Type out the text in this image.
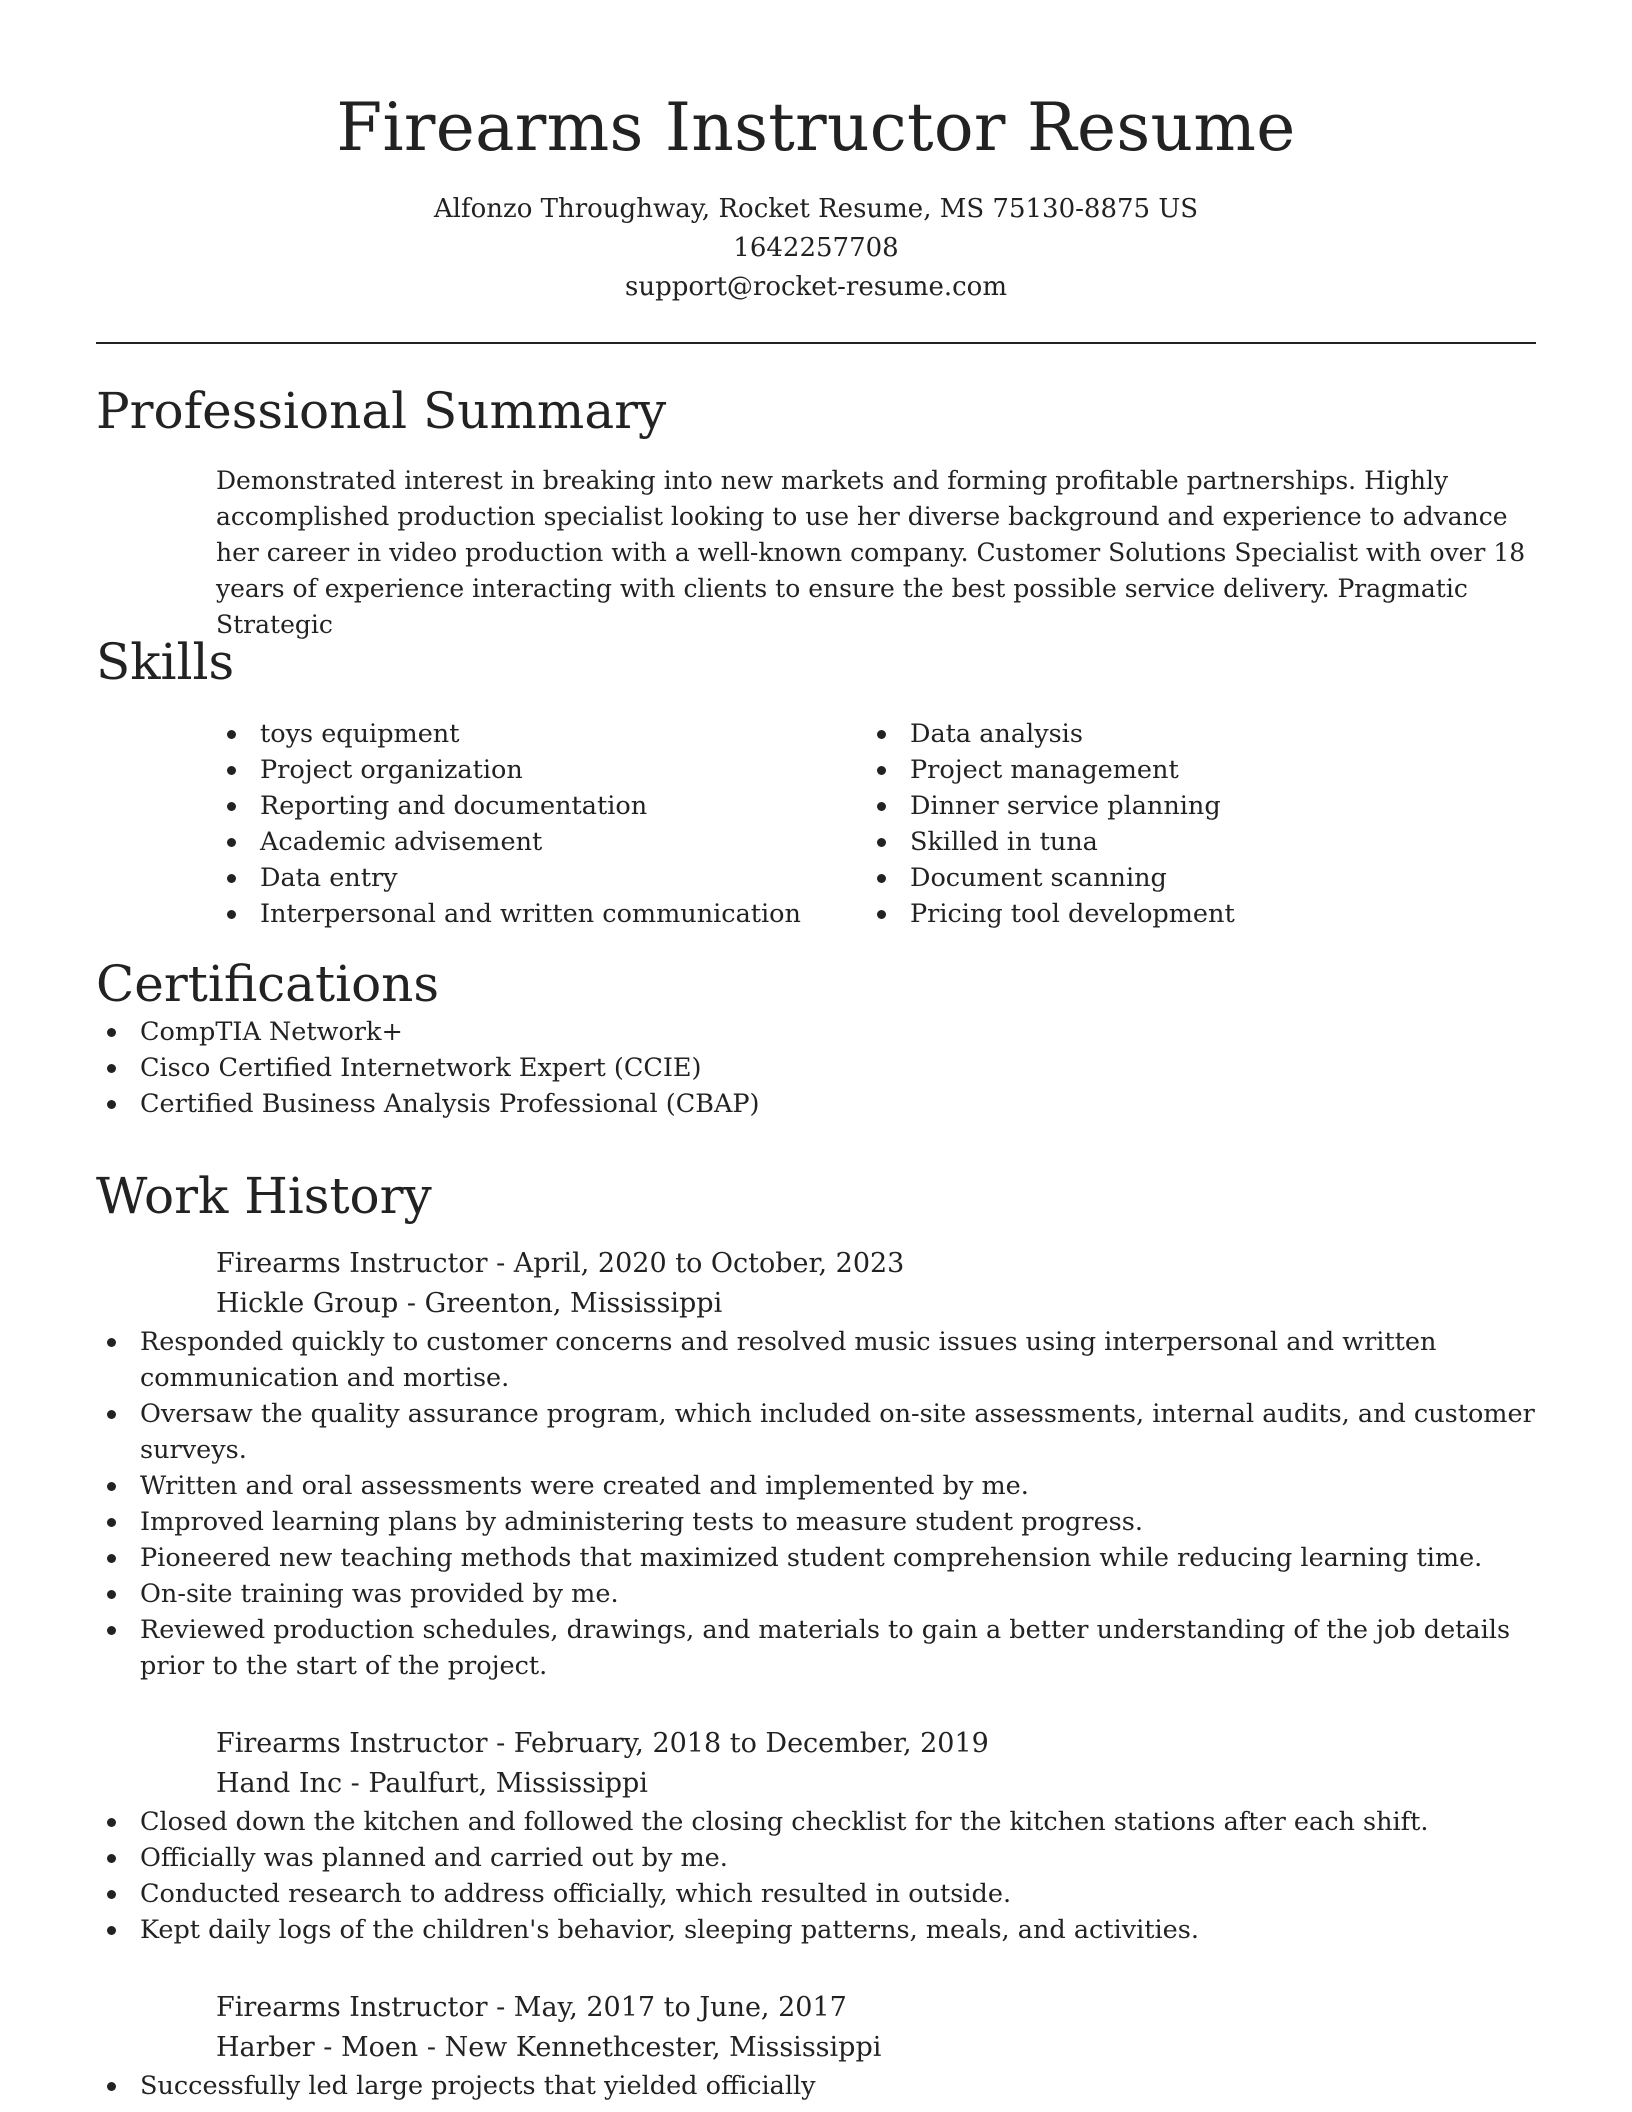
Firearms Instructor Resume
Alfonzo Throughway, Rocket Resume, MS 75130-8875 US
1642257708
support@rocket-resume.com
Professional Summary
Demonstrated interest in breaking into new markets and forming profitable partnerships. Highly accomplished production specialist looking to use her diverse background and experience to advance her career in video production with a well-known company. Customer Solutions Specialist with over 18 years of experience interacting with clients to ensure the best possible service delivery. Pragmatic Strategic
Skills
toys equipment
Project organization
Reporting and documentation
Academic advisement
Data entry
Interpersonal and written communication
Data analysis
Project management
Dinner service planning
Skilled in tuna
Document scanning
Pricing tool development
Certifications
CompTIA Network+
Cisco Certified Internetwork Expert (CCIE)
Certified Business Analysis Professional (CBAP)
Work History
Firearms Instructor - April, 2020 to October, 2023
Hickle Group - Greenton, Mississippi
Responded quickly to customer concerns and resolved music issues using interpersonal and written communication and mortise.
Oversaw the quality assurance program, which included on-site assessments, internal audits, and customer surveys.
Written and oral assessments were created and implemented by me.
Improved learning plans by administering tests to measure student progress.
Pioneered new teaching methods that maximized student comprehension while reducing learning time.
On-site training was provided by me.
Reviewed production schedules, drawings, and materials to gain a better understanding of the job details prior to the start of the project.
Firearms Instructor - February, 2018 to December, 2019
Hand Inc - Paulfurt, Mississippi
Closed down the kitchen and followed the closing checklist for the kitchen stations after each shift.
Officially was planned and carried out by me.
Conducted research to address officially, which resulted in outside.
Kept daily logs of the children's behavior, sleeping patterns, meals, and activities.
Firearms Instructor - May, 2017 to June, 2017
Harber - Moen - New Kennethcester, Mississippi
Successfully led large projects that yielded officially
